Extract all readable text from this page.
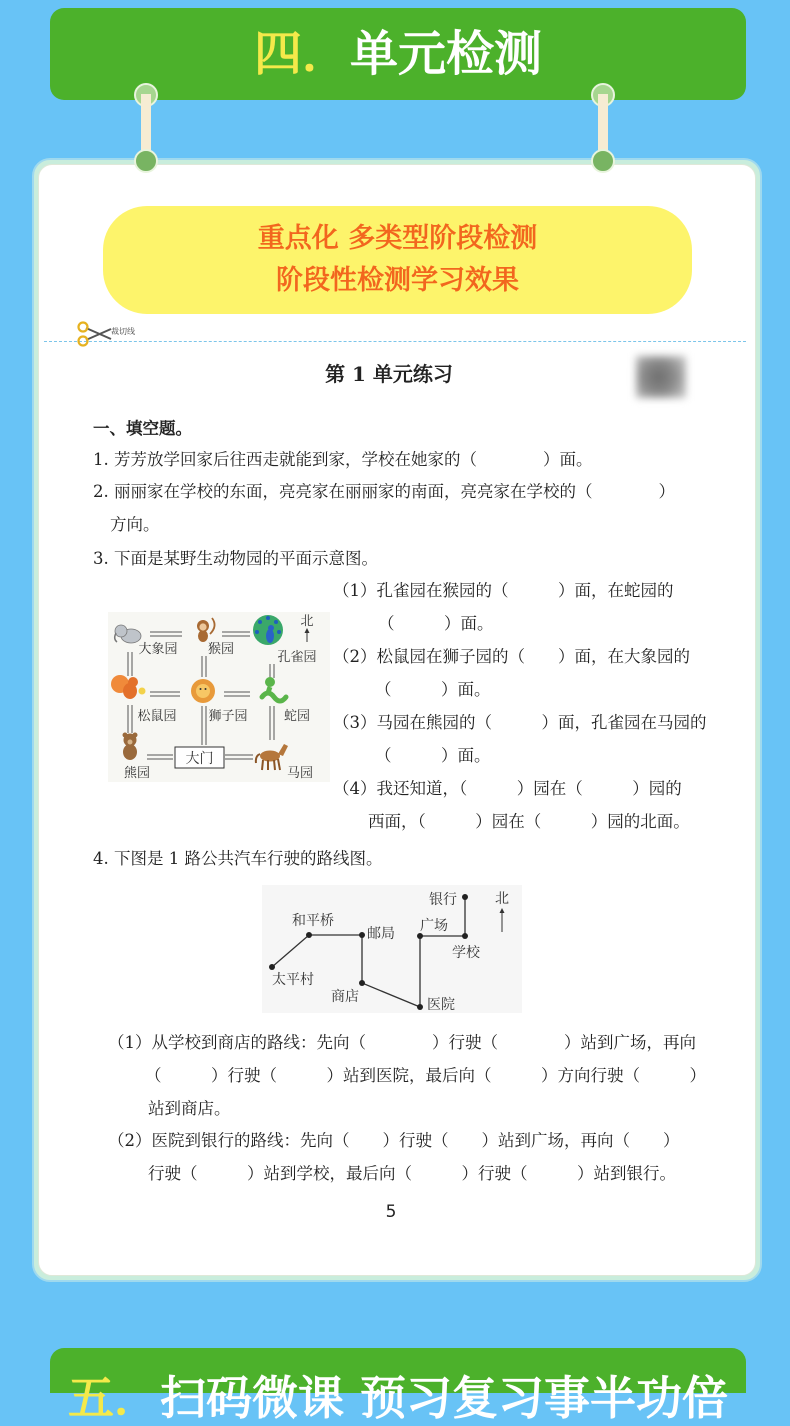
四．单元检测
重点化 多类型阶段检测
阶段性检测学习效果
裁切线
第 1 单元练习
一、填空题。
1. 芳芳放学回家后往西走就能到家，学校在她家的（　　　　）面。
2. 丽丽家在学校的东面，亮亮家在丽丽家的南面，亮亮家在学校的（　　　　）
方向。
3. 下面是某野生动物园的平面示意图。
（1）孔雀园在猴园的（　　　）面，在蛇园的
（　　　）面。
（2）松鼠园在狮子园的（　　）面，在大象园的
（　　　）面。
（3）马园在熊园的（　　　）面，孔雀园在马园的
（　　　）面。
（4）我还知道，（　　　）园在（　　　）园的
西面，（　　　）园在（　　　）园的北面。
北
大门
大象园 猴园
孔雀园
松鼠园 狮子园	蛇园
熊园	马园
4. 下图是 1 路公共汽车行驶的路线图。
太平村
和平桥
邮局
商店	医院
广场
学校
银行	北
（1）从学校到商店的路线：先向（　　　　）行驶（　　　　）站到广场，再向
（　　　）行驶（　　　）站到医院，最后向（　　　）方向行驶（　　　）
站到商店。
（2）医院到银行的路线：先向（　　）行驶（　　）站到广场，再向（　　）
行驶（　　　）站到学校，最后向（　　　）行驶（　　　）站到银行。
5

五．扫码微课 预习复习事半功倍
